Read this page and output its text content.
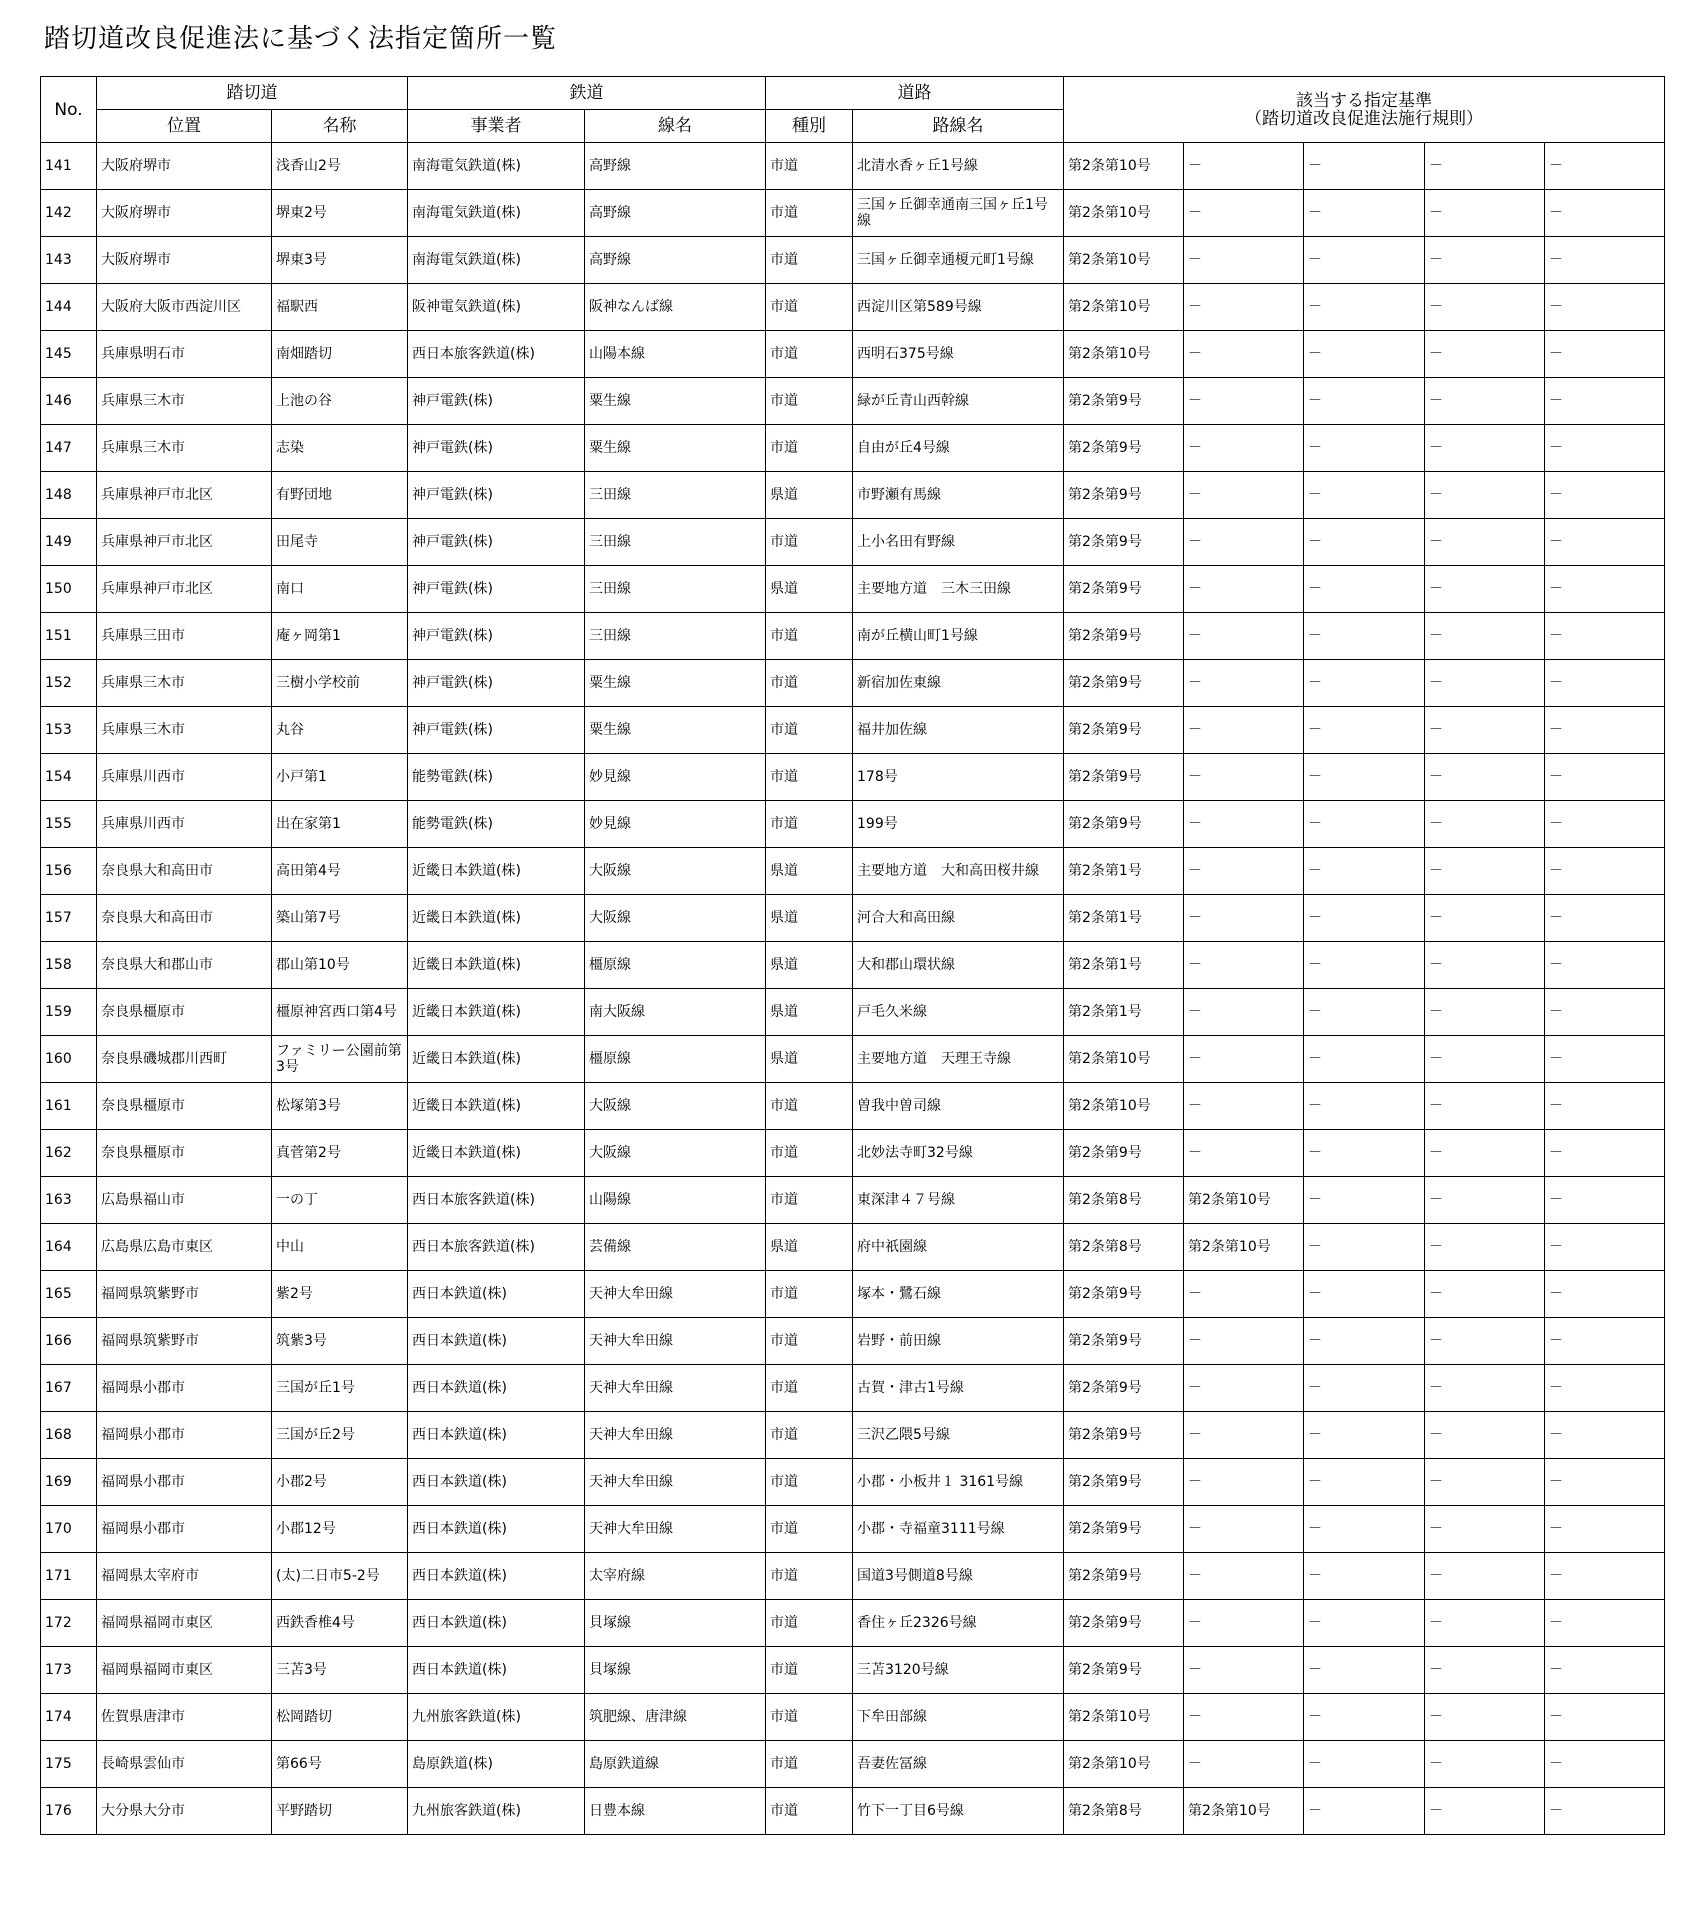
踏切道改良促進法に基づく法指定箇所一覧
No.	踏切道		鉄道		道路		該当する指定基準
（踏切道改良促進法施行規則）				
	位置	名称	事業者	線名	種別	路線名					
141	大阪府堺市	浅香山2号	南海電気鉄道(株)	高野線	市道	北清水香ヶ丘1号線	第2条第10号	－	－	－	－
142	大阪府堺市	堺東2号	南海電気鉄道(株)	高野線	市道	三国ヶ丘御幸通南三国ヶ丘1号線	第2条第10号	－	－	－	－
143	大阪府堺市	堺東3号	南海電気鉄道(株)	高野線	市道	三国ヶ丘御幸通榎元町1号線	第2条第10号	－	－	－	－
144	大阪府大阪市西淀川区	福駅西	阪神電気鉄道(株)	阪神なんば線	市道	西淀川区第589号線	第2条第10号	－	－	－	－
145	兵庫県明石市	南畑踏切	西日本旅客鉄道(株)	山陽本線	市道	西明石375号線	第2条第10号	－	－	－	－
146	兵庫県三木市	上池の谷	神戸電鉄(株)	粟生線	市道	緑が丘青山西幹線	第2条第9号	－	－	－	－
147	兵庫県三木市	志染	神戸電鉄(株)	粟生線	市道	自由が丘4号線	第2条第9号	－	－	－	－
148	兵庫県神戸市北区	有野団地	神戸電鉄(株)	三田線	県道	市野瀬有馬線	第2条第9号	－	－	－	－
149	兵庫県神戸市北区	田尾寺	神戸電鉄(株)	三田線	市道	上小名田有野線	第2条第9号	－	－	－	－
150	兵庫県神戸市北区	南口	神戸電鉄(株)	三田線	県道	主要地方道　三木三田線	第2条第9号	－	－	－	－
151	兵庫県三田市	庵ヶ岡第1	神戸電鉄(株)	三田線	市道	南が丘横山町1号線	第2条第9号	－	－	－	－
152	兵庫県三木市	三樹小学校前	神戸電鉄(株)	粟生線	市道	新宿加佐東線	第2条第9号	－	－	－	－
153	兵庫県三木市	丸谷	神戸電鉄(株)	粟生線	市道	福井加佐線	第2条第9号	－	－	－	－
154	兵庫県川西市	小戸第1	能勢電鉄(株)	妙見線	市道	178号	第2条第9号	－	－	－	－
155	兵庫県川西市	出在家第1	能勢電鉄(株)	妙見線	市道	199号	第2条第9号	－	－	－	－
156	奈良県大和高田市	高田第4号	近畿日本鉄道(株)	大阪線	県道	主要地方道　大和高田桜井線	第2条第1号	－	－	－	－
157	奈良県大和高田市	築山第7号	近畿日本鉄道(株)	大阪線	県道	河合大和高田線	第2条第1号	－	－	－	－
158	奈良県大和郡山市	郡山第10号	近畿日本鉄道(株)	橿原線	県道	大和郡山環状線	第2条第1号	－	－	－	－
159	奈良県橿原市	橿原神宮西口第4号	近畿日本鉄道(株)	南大阪線	県道	戸毛久米線	第2条第1号	－	－	－	－
160	奈良県磯城郡川西町	ファミリー公園前第3号	近畿日本鉄道(株)	橿原線	県道	主要地方道　天理王寺線	第2条第10号	－	－	－	－
161	奈良県橿原市	松塚第3号	近畿日本鉄道(株)	大阪線	市道	曽我中曽司線	第2条第10号	－	－	－	－
162	奈良県橿原市	真菅第2号	近畿日本鉄道(株)	大阪線	市道	北妙法寺町32号線	第2条第9号	－	－	－	－
163	広島県福山市	一の丁	西日本旅客鉄道(株)	山陽線	市道	東深津４７号線	第2条第8号	第2条第10号	－	－	－
164	広島県広島市東区	中山	西日本旅客鉄道(株)	芸備線	県道	府中祇園線	第2条第8号	第2条第10号	－	－	－
165	福岡県筑紫野市	紫2号	西日本鉄道(株)	天神大牟田線	市道	塚本・鷺石線	第2条第9号	－	－	－	－
166	福岡県筑紫野市	筑紫3号	西日本鉄道(株)	天神大牟田線	市道	岩野・前田線	第2条第9号	－	－	－	－
167	福岡県小郡市	三国が丘1号	西日本鉄道(株)	天神大牟田線	市道	古賀・津古1号線	第2条第9号	－	－	－	－
168	福岡県小郡市	三国が丘2号	西日本鉄道(株)	天神大牟田線	市道	三沢乙隈5号線	第2条第9号	－	－	－	－
169	福岡県小郡市	小郡2号	西日本鉄道(株)	天神大牟田線	市道	小郡・小板井１ 3161号線	第2条第9号	－	－	－	－
170	福岡県小郡市	小郡12号	西日本鉄道(株)	天神大牟田線	市道	小郡・寺福童3111号線	第2条第9号	－	－	－	－
171	福岡県太宰府市	(太)二日市5-2号	西日本鉄道(株)	太宰府線	市道	国道3号側道8号線	第2条第9号	－	－	－	－
172	福岡県福岡市東区	西鉄香椎4号	西日本鉄道(株)	貝塚線	市道	香住ヶ丘2326号線	第2条第9号	－	－	－	－
173	福岡県福岡市東区	三苫3号	西日本鉄道(株)	貝塚線	市道	三苫3120号線	第2条第9号	－	－	－	－
174	佐賀県唐津市	松岡踏切	九州旅客鉄道(株)	筑肥線、唐津線	市道	下牟田部線	第2条第10号	－	－	－	－
175	長崎県雲仙市	第66号	島原鉄道(株)	島原鉄道線	市道	吾妻佐冨線	第2条第10号	－	－	－	－
176	大分県大分市	平野踏切	九州旅客鉄道(株)	日豊本線	市道	竹下一丁目6号線	第2条第8号	第2条第10号	－	－	－
